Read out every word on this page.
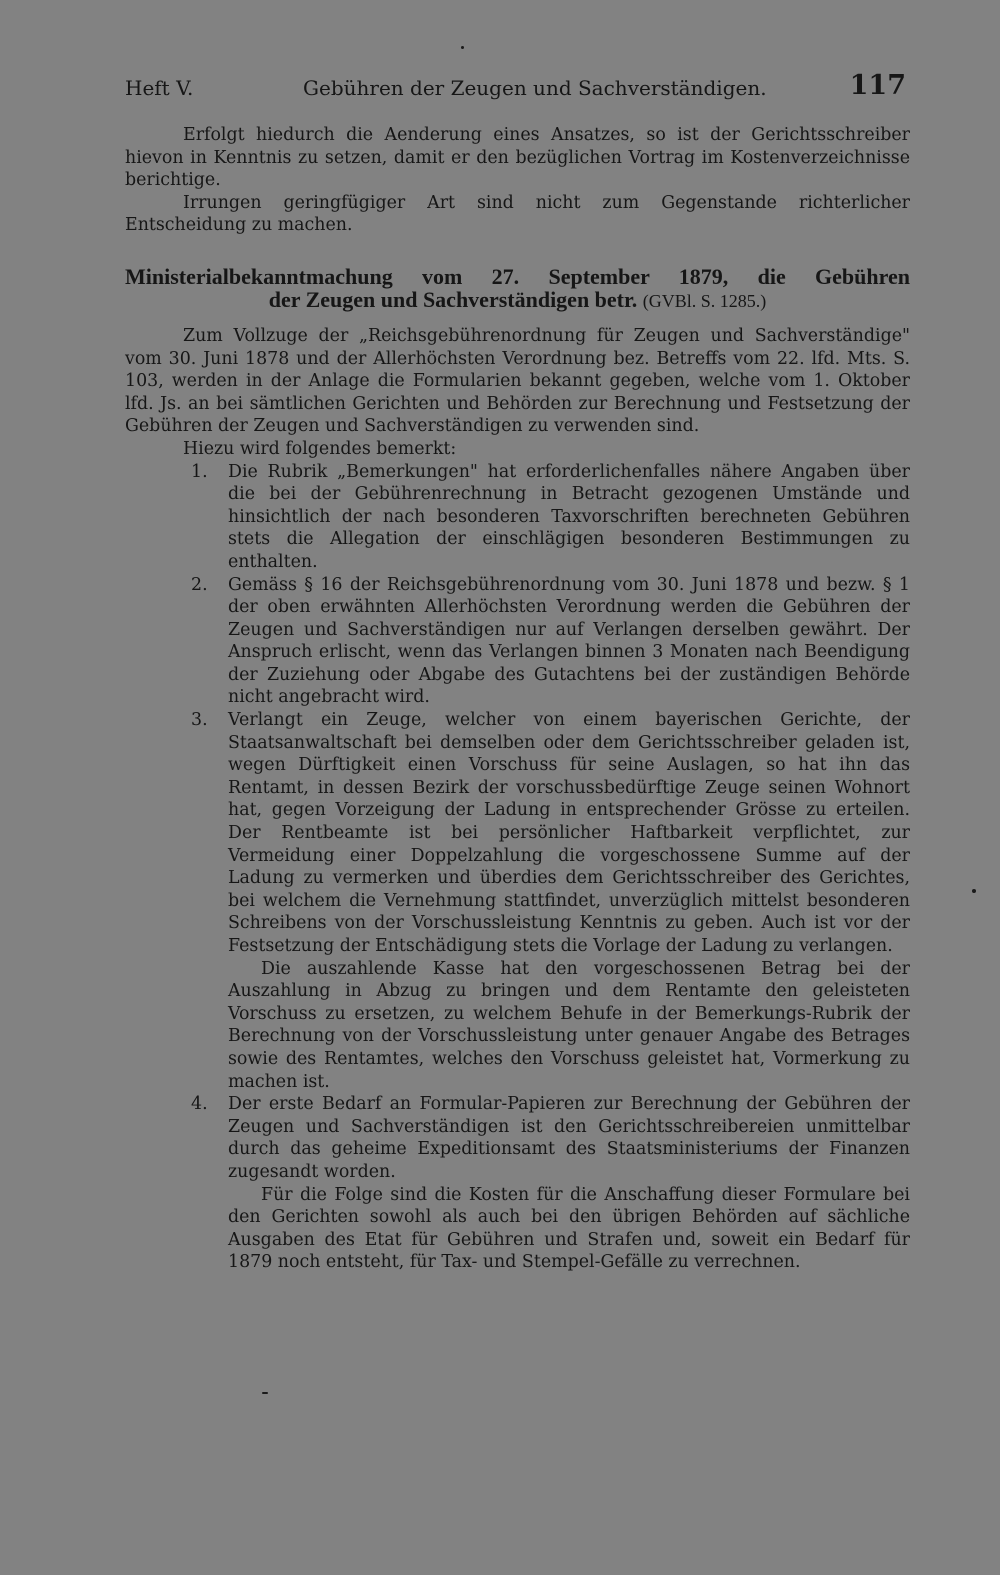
Heft V.	Gebühren der Zeugen und Sachverständigen.	117

Erfolgt hiedurch die Aenderung eines Ansatzes, so ist der Gerichtsschreiber hievon in Kenntnis zu setzen, damit er den bezüglichen Vortrag im Kostenverzeichnisse berichtige.

Irrungen geringfügiger Art sind nicht zum Gegenstande richterlicher Entscheidung zu machen.

Ministerialbekanntmachung vom 27. September 1879, die Gebühren
der Zeugen und Sachverständigen betr. (GVBl. S. 1285.)

Zum Vollzuge der „Reichsgebührenordnung für Zeugen und Sachverständige" vom 30. Juni 1878 und der Allerhöchsten Verordnung bez. Betreffs vom 22. lfd. Mts. S. 103, werden in der Anlage die Formularien bekannt gegeben, welche vom 1. Oktober lfd. Js. an bei sämtlichen Gerichten und Behörden zur Berechnung und Festsetzung der Gebühren der Zeugen und Sachverständigen zu verwenden sind.

Hiezu wird folgendes bemerkt:

1. Die Rubrik „Bemerkungen" hat erforderlichenfalles nähere Angaben über die bei der Gebührenrechnung in Betracht gezogenen Umstände und hinsichtlich der nach besonderen Taxvorschriften berechneten Gebühren stets die Allegation der einschlägigen besonderen Bestimmungen zu enthalten.

2. Gemäss § 16 der Reichsgebührenordnung vom 30. Juni 1878 und bezw. § 1 der oben erwähnten Allerhöchsten Verordnung werden die Gebühren der Zeugen und Sachverständigen nur auf Verlangen derselben gewährt. Der Anspruch erlischt, wenn das Verlangen binnen 3 Monaten nach Beendigung der Zuziehung oder Abgabe des Gutachtens bei der zuständigen Behörde nicht angebracht wird.

3. Verlangt ein Zeuge, welcher von einem bayerischen Gerichte, der Staatsanwaltschaft bei demselben oder dem Gerichtsschreiber geladen ist, wegen Dürftigkeit einen Vorschuss für seine Auslagen, so hat ihn das Rentamt, in dessen Bezirk der vorschussbedürftige Zeuge seinen Wohnort hat, gegen Vorzeigung der Ladung in entsprechender Grösse zu erteilen. Der Rentbeamte ist bei persönlicher Haftbarkeit verpflichtet, zur Vermeidung einer Doppelzahlung die vorgeschossene Summe auf der Ladung zu vermerken und überdies dem Gerichtsschreiber des Gerichtes, bei welchem die Vernehmung stattfindet, unverzüglich mittelst besonderen Schreibens von der Vorschussleistung Kenntnis zu geben. Auch ist vor der Festsetzung der Entschädigung stets die Vorlage der Ladung zu verlangen.

Die auszahlende Kasse hat den vorgeschossenen Betrag bei der Auszahlung in Abzug zu bringen und dem Rentamte den geleisteten Vorschuss zu ersetzen, zu welchem Behufe in der Bemerkungs-Rubrik der Berechnung von der Vorschussleistung unter genauer Angabe des Betrages sowie des Rentamtes, welches den Vorschuss geleistet hat, Vormerkung zu machen ist.

4. Der erste Bedarf an Formular-Papieren zur Berechnung der Gebühren der Zeugen und Sachverständigen ist den Gerichtsschreibereien unmittelbar durch das geheime Expeditionsamt des Staatsministeriums der Finanzen zugesandt worden.

Für die Folge sind die Kosten für die Anschaffung dieser Formulare bei den Gerichten sowohl als auch bei den übrigen Behörden auf sächliche Ausgaben des Etat für Gebühren und Strafen und, soweit ein Bedarf für 1879 noch entsteht, für Tax- und Stempel-Gefälle zu verrechnen.
